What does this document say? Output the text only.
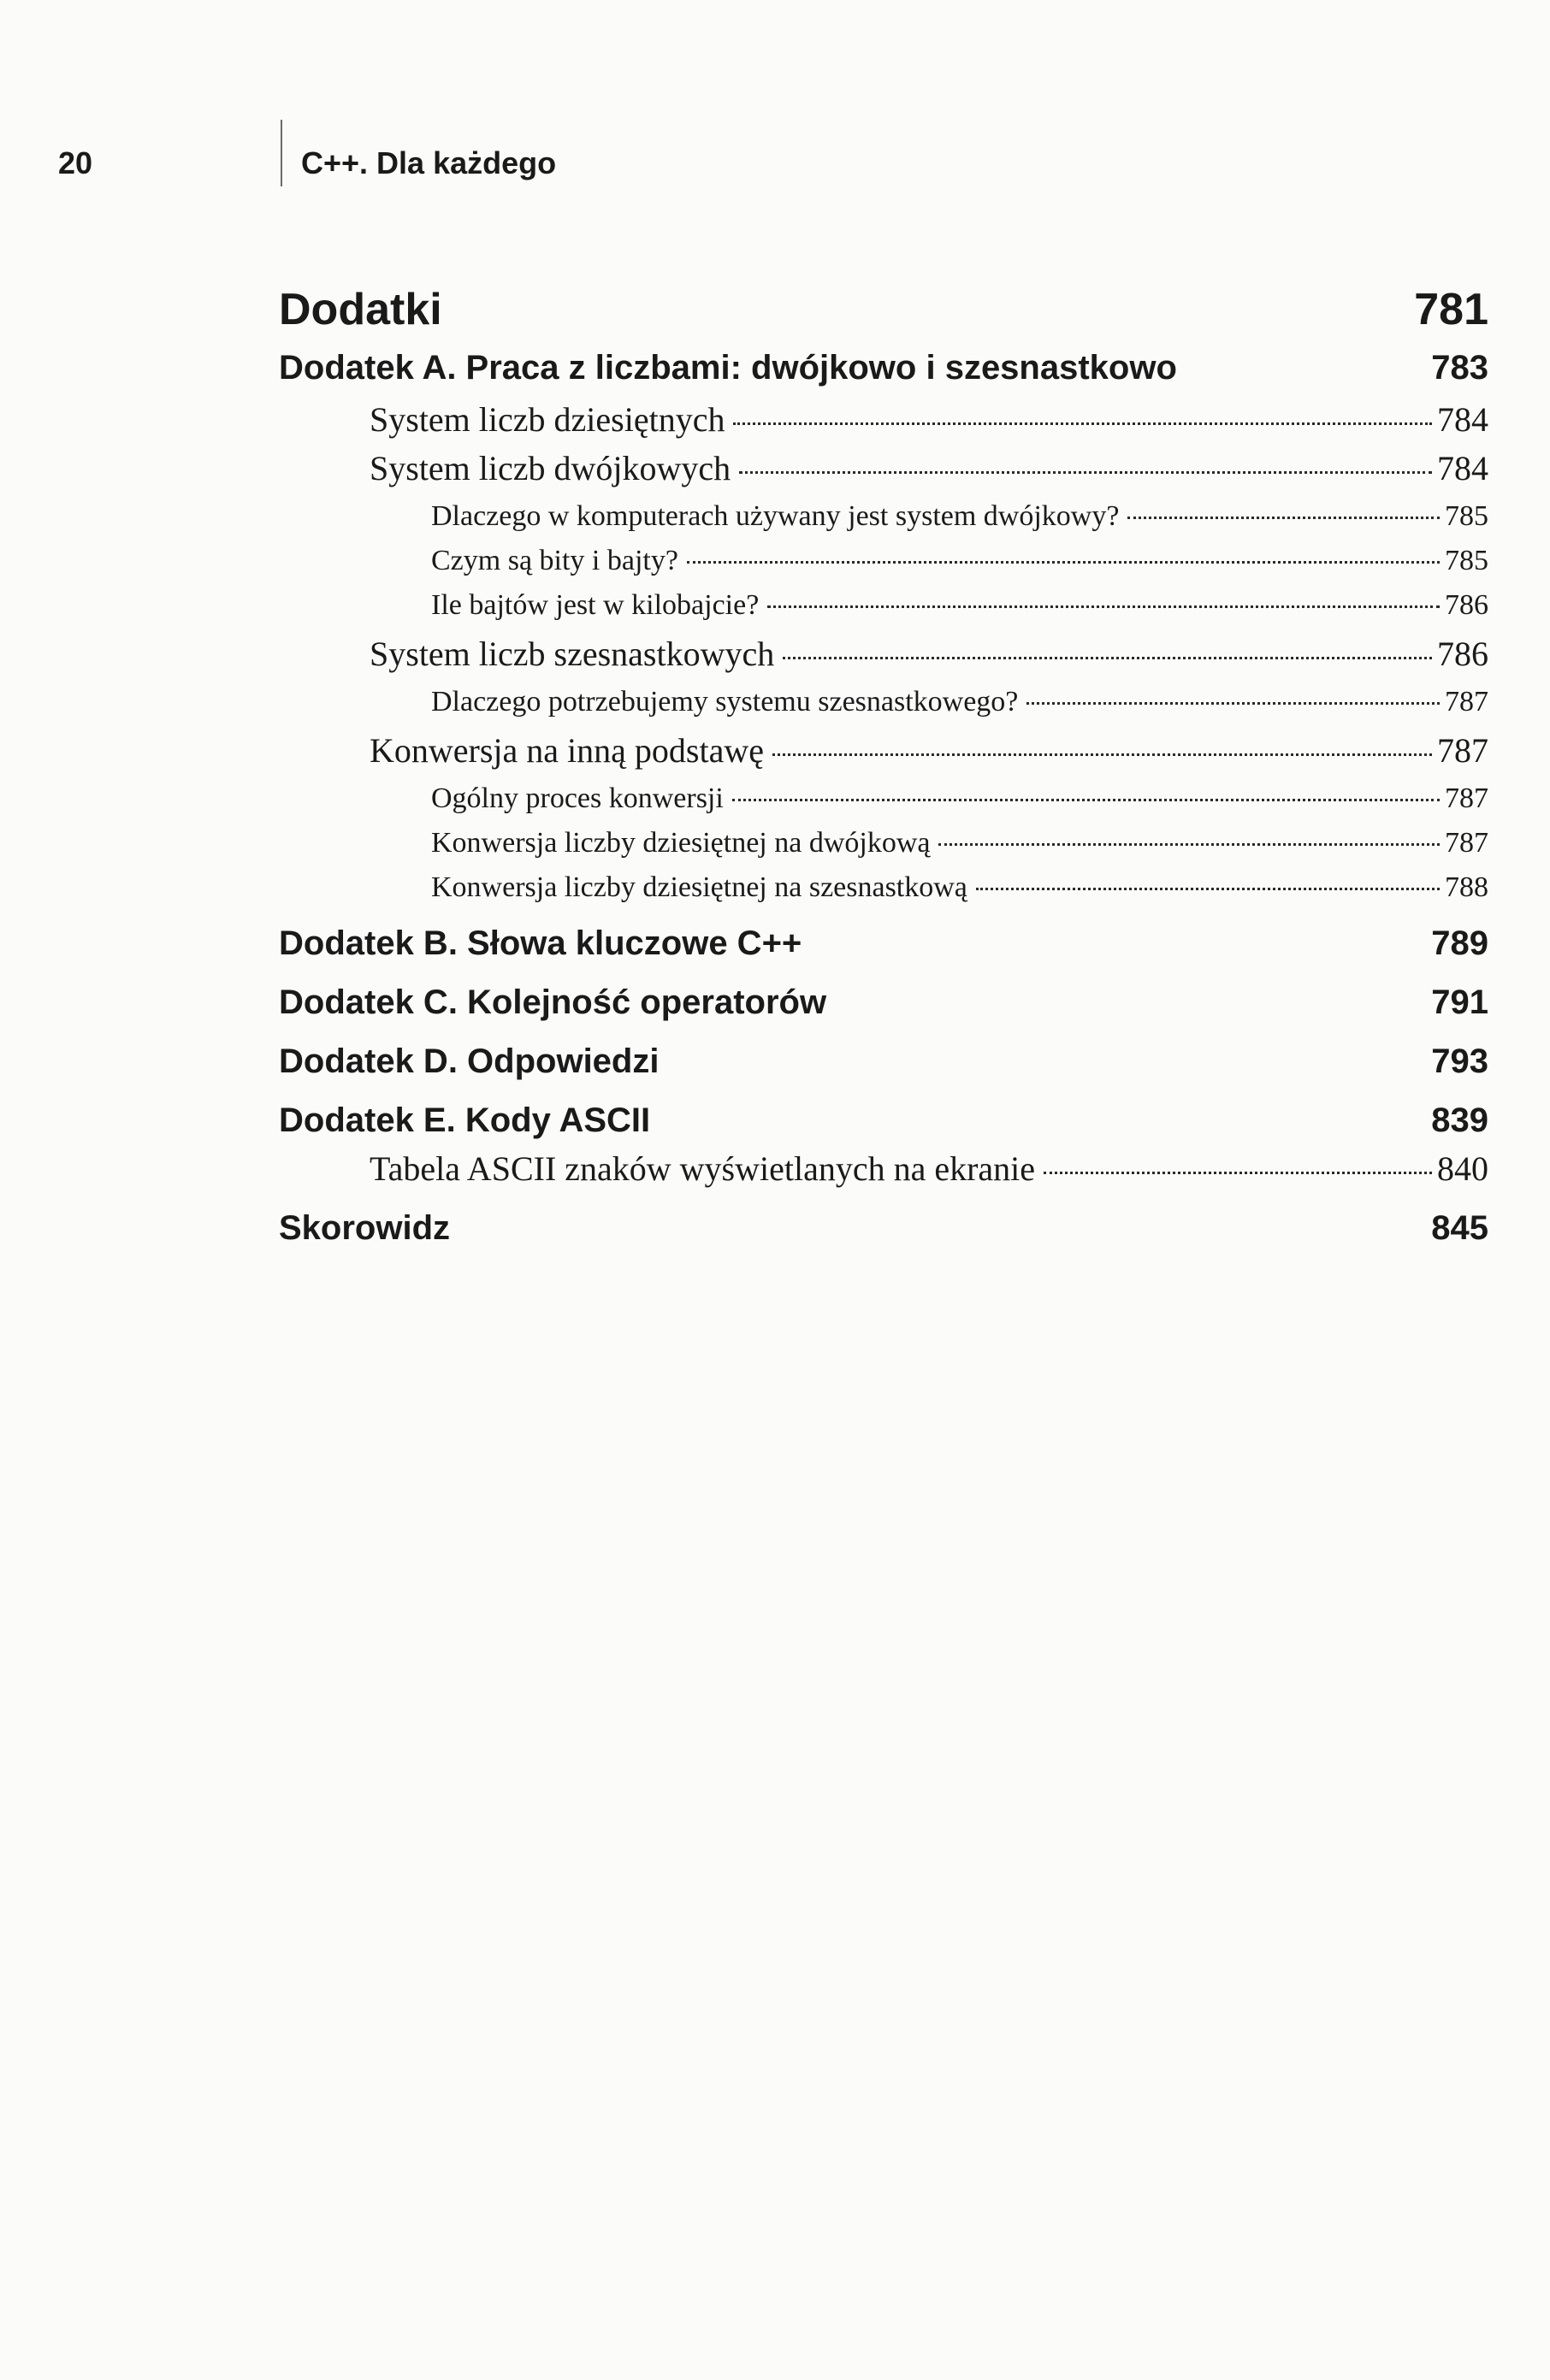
20	C++. Dla każdego
Dodatki	781
Dodatek A. Praca z liczbami: dwójkowo i szesnastkowo	783
System liczb dziesiętnych	784
System liczb dwójkowych	784
Dlaczego w komputerach używany jest system dwójkowy?	785
Czym są bity i bajty?	785
Ile bajtów jest w kilobajcie?	786
System liczb szesnastkowych	786
Dlaczego potrzebujemy systemu szesnastkowego?	787
Konwersja na inną podstawę	787
Ogólny proces konwersji	787
Konwersja liczby dziesiętnej na dwójkową	787
Konwersja liczby dziesiętnej na szesnastkową	788
Dodatek B. Słowa kluczowe C++	789
Dodatek C. Kolejność operatorów	791
Dodatek D. Odpowiedzi	793
Dodatek E. Kody ASCII	839
Tabela ASCII znaków wyświetlanych na ekranie	840
Skorowidz	845
